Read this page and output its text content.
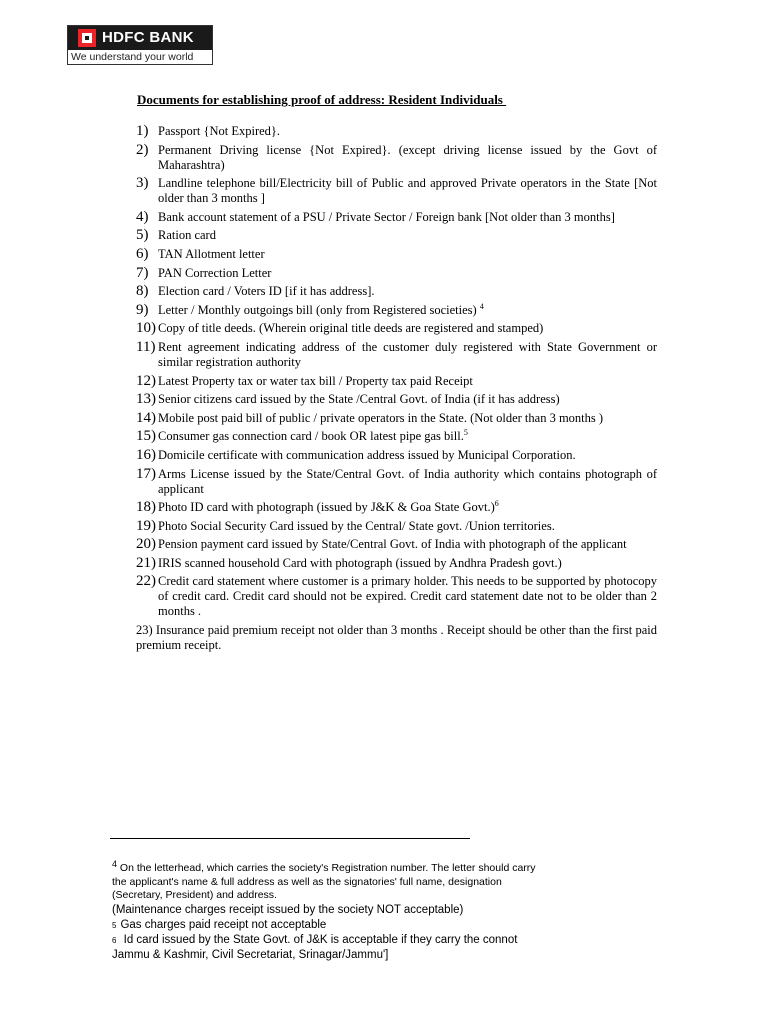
HDFC BANK
We understand your world
Documents for establishing proof of address: Resident Individuals
1) Passport {Not Expired}.
2) Permanent Driving license {Not Expired}. (except driving license issued by the Govt of Maharashtra)
3) Landline telephone bill/Electricity bill of Public and approved Private operators in the State [Not older than 3 months ]
4) Bank account statement of a PSU / Private Sector / Foreign bank [Not older than 3 months]
5) Ration card
6) TAN Allotment letter
7) PAN Correction Letter
8) Election card / Voters ID [if it has address].
9) Letter / Monthly outgoings bill (only from Registered societies) $^4$
10) Copy of title deeds. (Wherein original title deeds are registered and stamped)
11) Rent agreement indicating address of the customer duly registered with State Government or similar registration authority
12) Latest Property tax or water tax bill / Property tax paid Receipt
13) Senior citizens card issued by the State /Central Govt. of India (if it has address)
14) Mobile post paid bill of public / private operators in the State. (Not older than 3 months )
15) Consumer gas connection card / book OR latest pipe gas bill.$^5$
16) Domicile certificate with communication address issued by Municipal Corporation.
17) Arms License issued by the State/Central Govt. of India authority which contains photograph of applicant
18) Photo ID card with photograph (issued by J&K & Goa State Govt.)$^6$
19) Photo Social Security Card issued by the Central/ State govt. /Union territories.
20) Pension payment card issued by State/Central Govt. of India with photograph of the applicant
21) IRIS scanned household Card with photograph (issued by Andhra Pradesh govt.)
22) Credit card statement where customer is a primary holder. This needs to be supported by photocopy of credit card. Credit card should not be expired. Credit card statement date not to be older than 2 months .
23) Insurance paid premium receipt not older than 3 months . Receipt should be other than the first paid premium receipt.
4 On the letterhead, which carries the society's Registration number. The letter should carry the applicant's name & full address as well as the signatories' full name, designation (Secretary, President) and address.
(Maintenance charges receipt issued by the society NOT acceptable)
5 Gas charges paid receipt not acceptable
6 Id card issued by the State Govt. of J&K is acceptable if they carry the connot
Jammu & Kashmir, Civil Secretariat, Srinagar/Jammu']
